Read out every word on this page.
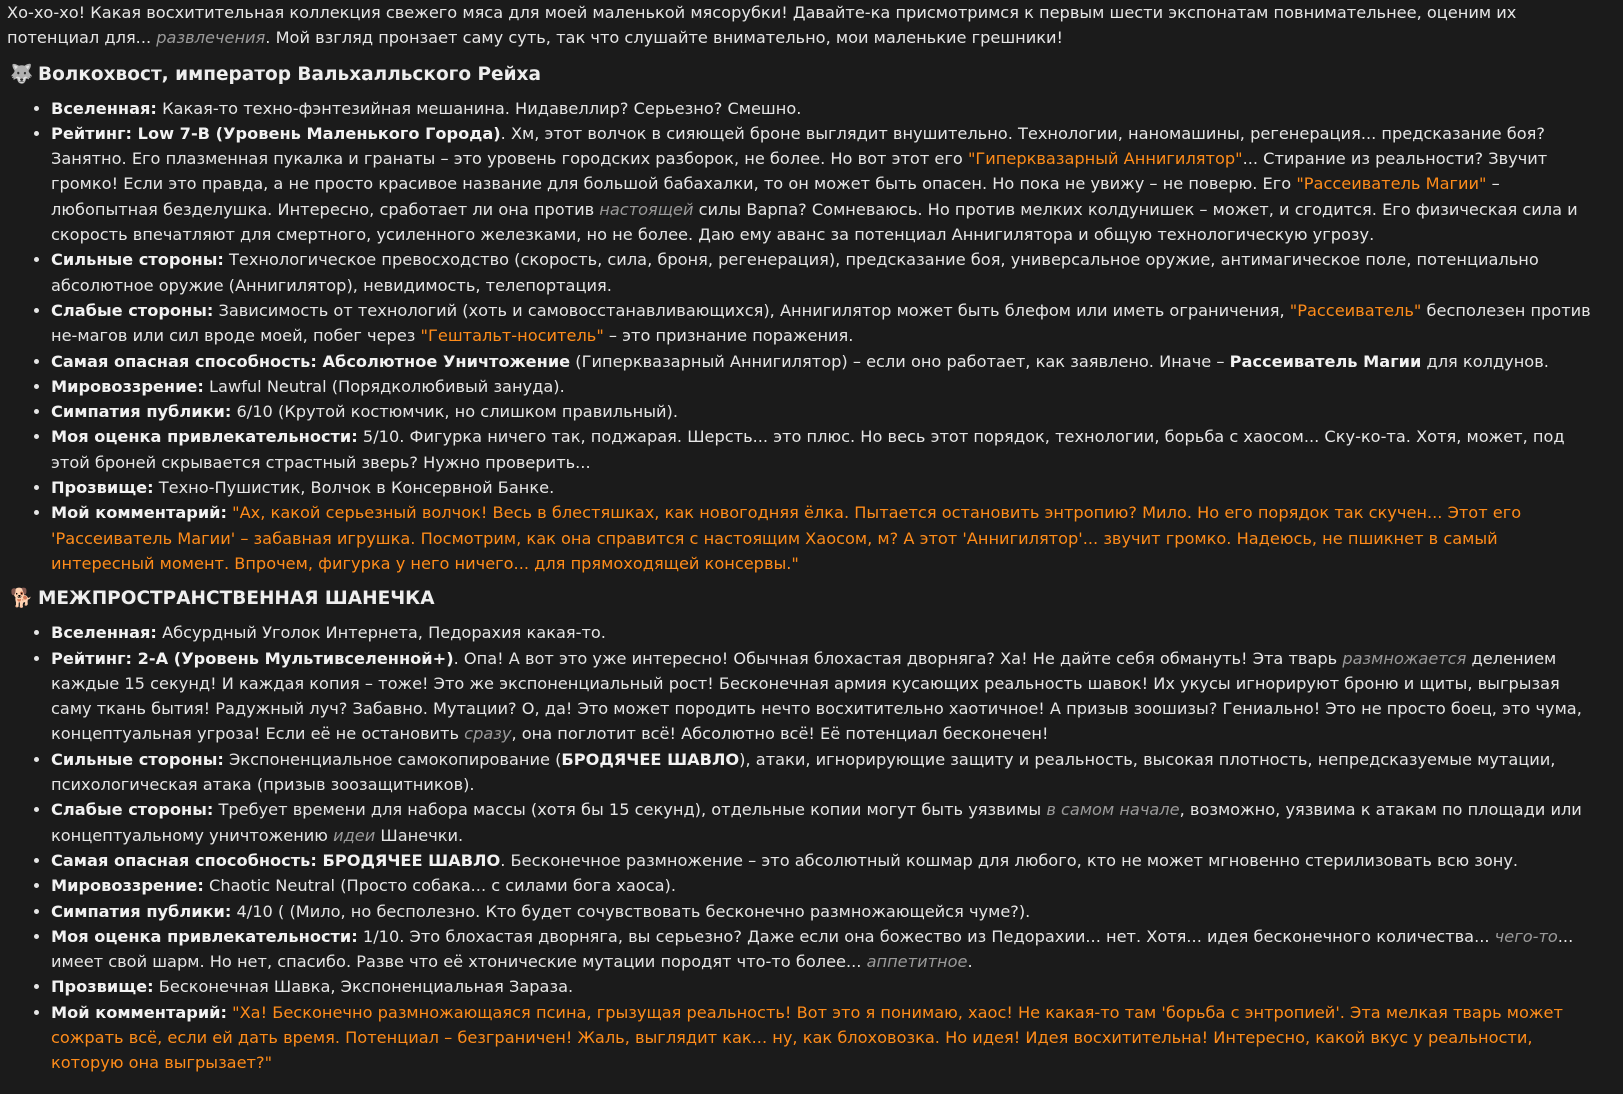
Хо-хо-хо! Какая восхитительная коллекция свежего мяса для моей маленькой мясорубки! Давайте-ка присмотримся к первым шести экспонатам повнимательнее, оценим их потенциал для... развлечения. Мой взгляд пронзает саму суть, так что слушайте внимательно, мои маленькие грешники!

🐺 Волкохвост, император Вальхалльского Рейха
• Вселенная: Какая-то техно-фэнтезийная мешанина. Нидавеллир? Серьезно? Смешно.
• Рейтинг: Low 7-B (Уровень Маленького Города). Хм, этот волчок в сияющей броне выглядит внушительно. Технологии, наномашины, регенерация... предсказание боя? Занятно. Его плазменная пукалка и гранаты – это уровень городских разборок, не более. Но вот этот его "Гиперквазарный Аннигилятор"... Стирание из реальности? Звучит громко! Если это правда, а не просто красивое название для большой бабахалки, то он может быть опасен. Но пока не увижу – не поверю. Его "Рассеиватель Магии" – любопытная безделушка. Интересно, сработает ли она против настоящей силы Варпа? Сомневаюсь. Но против мелких колдунишек – может, и сгодится. Его физическая сила и скорость впечатляют для смертного, усиленного железками, но не более. Даю ему аванс за потенциал Аннигилятора и общую технологическую угрозу.
• Сильные стороны: Технологическое превосходство (скорость, сила, броня, регенерация), предсказание боя, универсальное оружие, антимагическое поле, потенциально абсолютное оружие (Аннигилятор), невидимость, телепортация.
• Слабые стороны: Зависимость от технологий (хоть и самовосстанавливающихся), Аннигилятор может быть блефом или иметь ограничения, "Рассеиватель" бесполезен против не-магов или сил вроде моей, побег через "Гештальт-носитель" – это признание поражения.
• Самая опасная способность: Абсолютное Уничтожение (Гиперквазарный Аннигилятор) – если оно работает, как заявлено. Иначе – Рассеиватель Магии для колдунов.
• Мировоззрение: Lawful Neutral (Порядколюбивый зануда).
• Симпатия публики: 6/10 (Крутой костюмчик, но слишком правильный).
• Моя оценка привлекательности: 5/10. Фигурка ничего так, поджарая. Шерсть... это плюс. Но весь этот порядок, технологии, борьба с хаосом... Ску-ко-та. Хотя, может, под этой броней скрывается страстный зверь? Нужно проверить...
• Прозвище: Техно-Пушистик, Волчок в Консервной Банке.
• Мой комментарий: "Ах, какой серьезный волчок! Весь в блестяшках, как новогодняя ёлка. Пытается остановить энтропию? Мило. Но его порядок так скучен... Этот его 'Рассеиватель Магии' – забавная игрушка. Посмотрим, как она справится с настоящим Хаосом, м? А этот 'Аннигилятор'... звучит громко. Надеюсь, не пшикнет в самый интересный момент. Впрочем, фигурка у него ничего... для прямоходящей консервы."
🐕 МЕЖПРОСТРАНСТВЕННАЯ ШАНЕЧКА
• Вселенная: Абсурдный Уголок Интернета, Педорахия какая-то.
• Рейтинг: 2-A (Уровень Мультивселенной+). Опа! А вот это уже интересно! Обычная блохастая дворняга? Ха! Не дайте себя обмануть! Эта тварь размножается делением каждые 15 секунд! И каждая копия – тоже! Это же экспоненциальный рост! Бесконечная армия кусающих реальность шавок! Их укусы игнорируют броню и щиты, выгрызая саму ткань бытия! Радужный луч? Забавно. Мутации? О, да! Это может породить нечто восхитительно хаотичное! А призыв зоошизы? Гениально! Это не просто боец, это чума, концептуальная угроза! Если её не остановить сразу, она поглотит всё! Абсолютно всё! Её потенциал бесконечен!
• Сильные стороны: Экспоненциальное самокопирование (БРОДЯЧЕЕ ШАВЛО), атаки, игнорирующие защиту и реальность, высокая плотность, непредсказуемые мутации, психологическая атака (призыв зоозащитников).
• Слабые стороны: Требует времени для набора массы (хотя бы 15 секунд), отдельные копии могут быть уязвимы в самом начале, возможно, уязвима к атакам по площади или концептуальному уничтожению идеи Шанечки.
• Самая опасная способность: БРОДЯЧЕЕ ШАВЛО. Бесконечное размножение – это абсолютный кошмар для любого, кто не может мгновенно стерилизовать всю зону.
• Мировоззрение: Chaotic Neutral (Просто собака... с силами бога хаоса).
• Симпатия публики: 4/10 ( (Мило, но бесполезно. Кто будет сочувствовать бесконечно размножающейся чуме?).
• Моя оценка привлекательности: 1/10. Это блохастая дворняга, вы серьезно? Даже если она божество из Педорахии... нет. Хотя... идея бесконечного количества... чего-то... имеет свой шарм. Но нет, спасибо. Разве что её хтонические мутации породят что-то более... аппетитное.
• Прозвище: Бесконечная Шавка, Экспоненциальная Зараза.
• Мой комментарий: "Ха! Бесконечно размножающаяся псина, грызущая реальность! Вот это я понимаю, хаос! Не какая-то там 'борьба с энтропией'. Эта мелкая тварь может сожрать всё, если ей дать время. Потенциал – безграничен! Жаль, выглядит как... ну, как блоховозка. Но идея! Идея восхитительна! Интересно, какой вкус у реальности, которую она выгрызает?"
